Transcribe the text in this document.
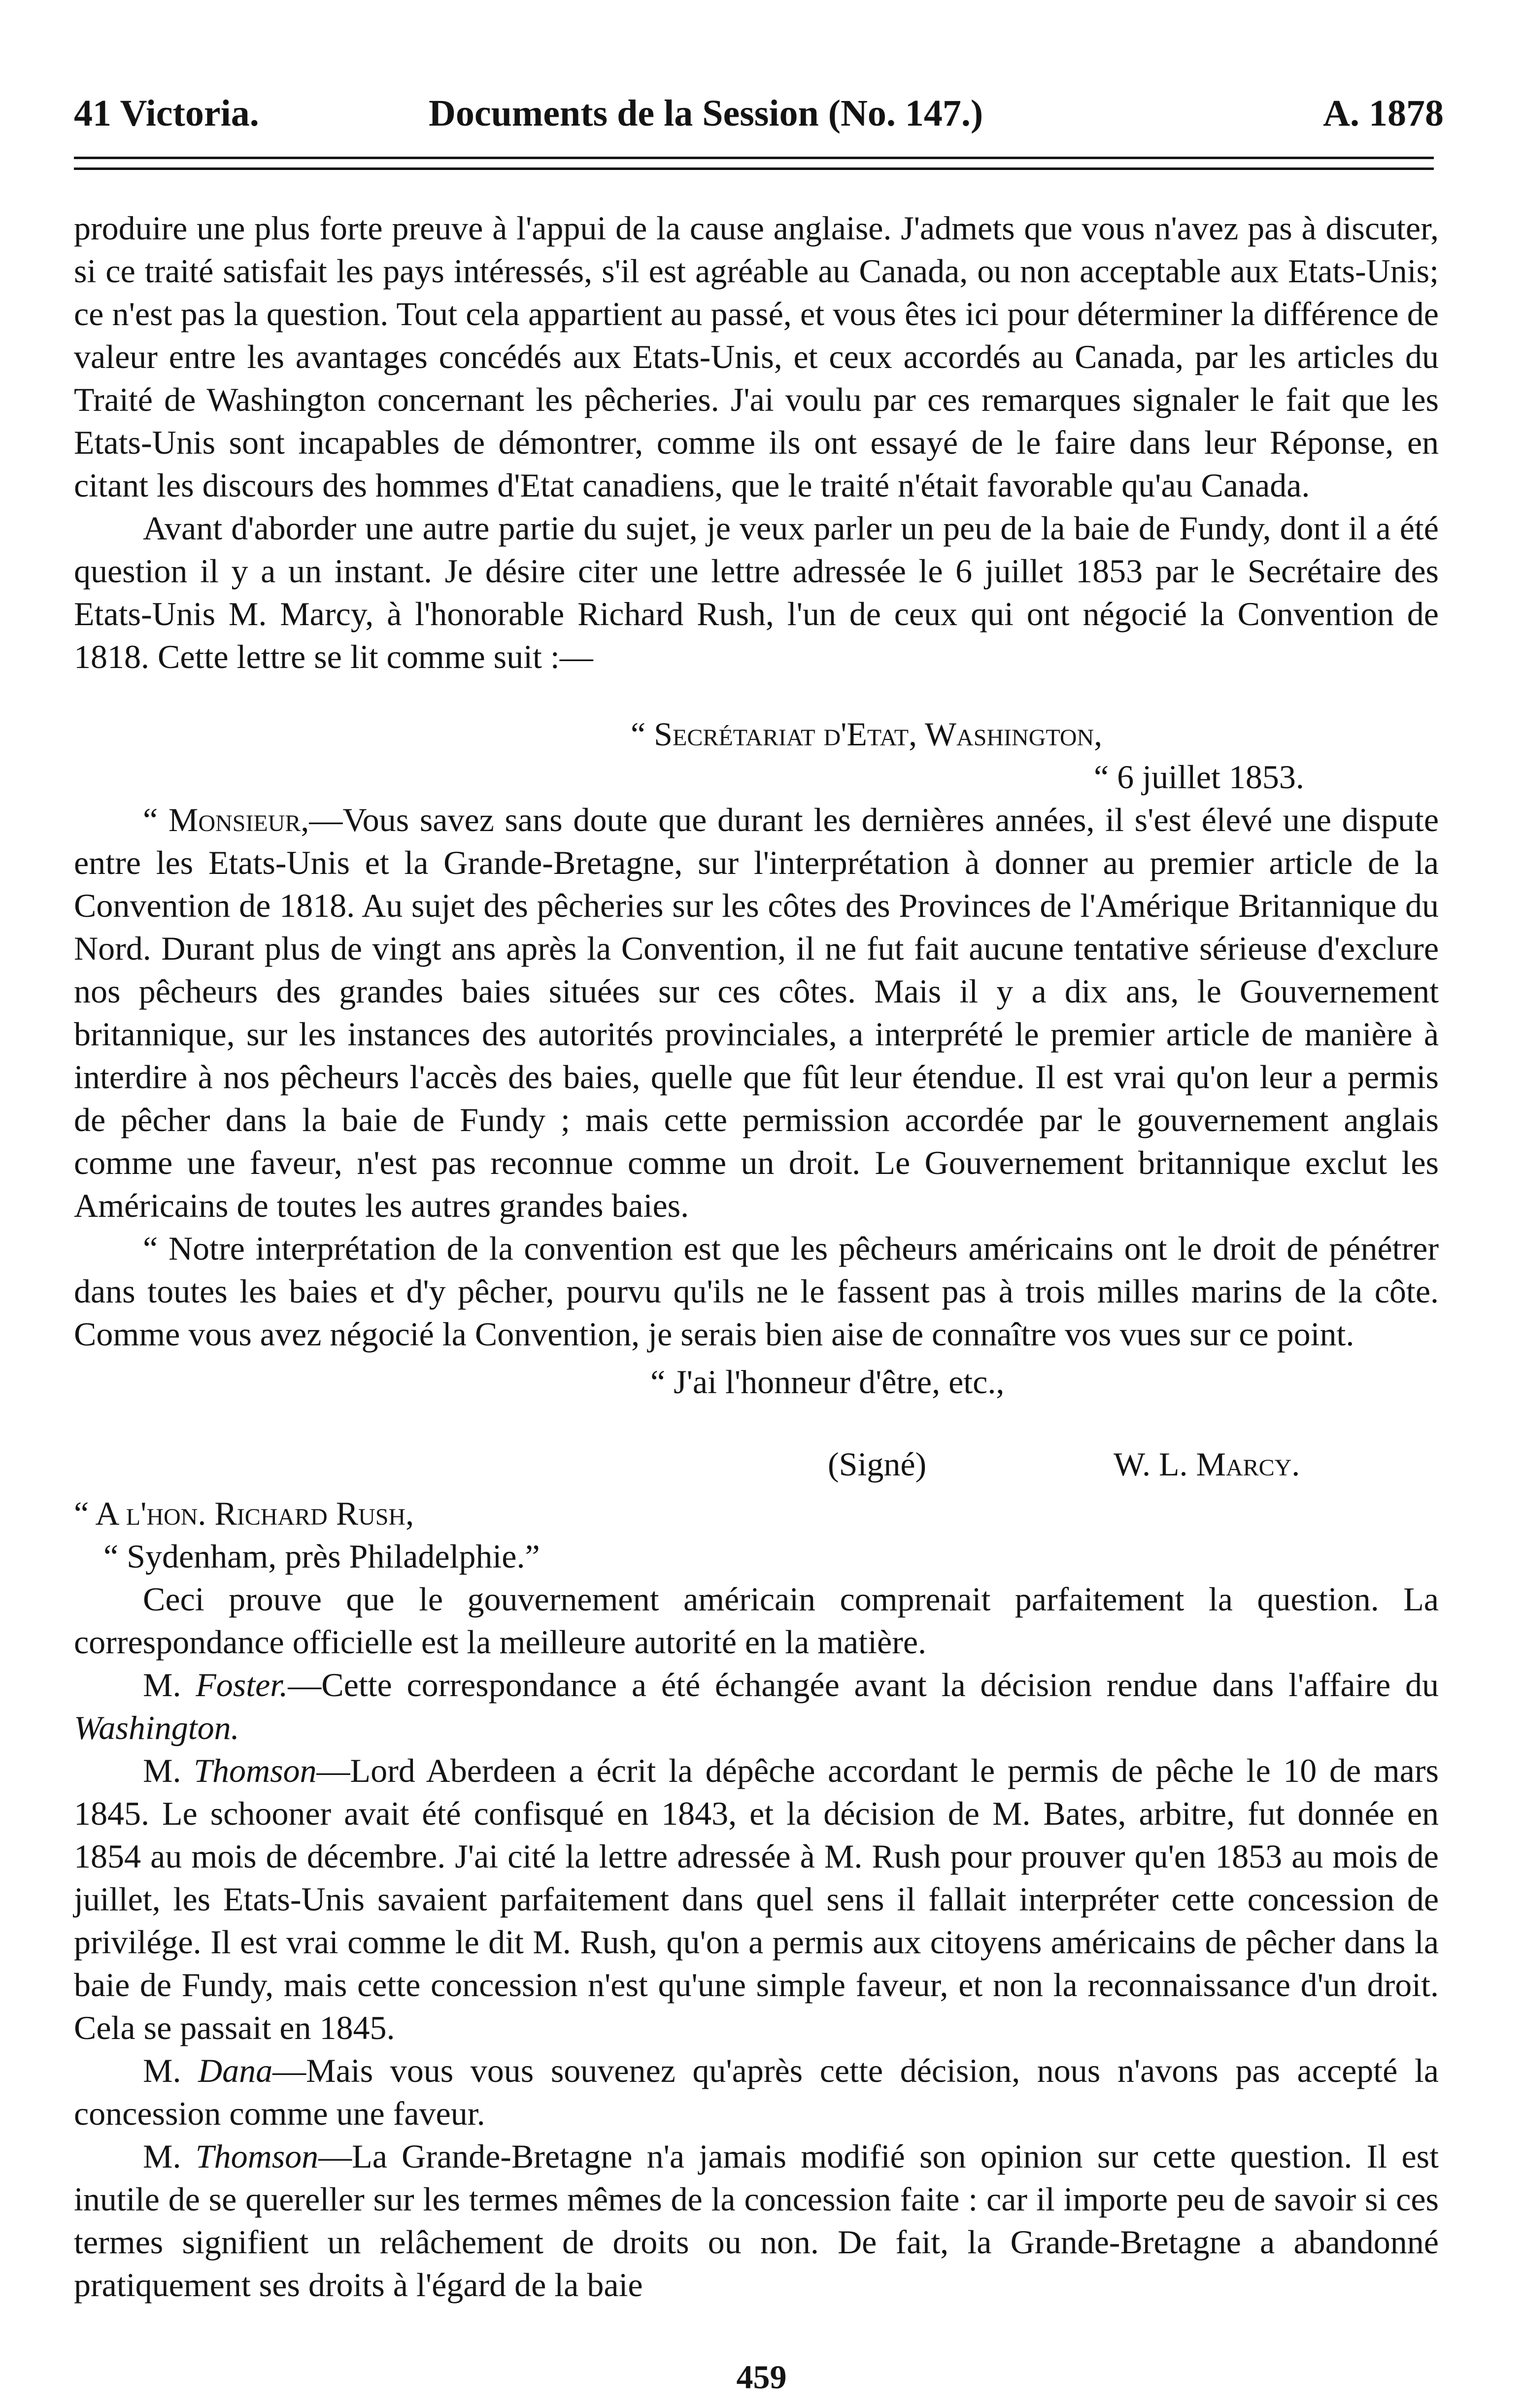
41 Victoria.	Documents de la Session (No. 147.)	A. 1878

produire une plus forte preuve à l'appui de la cause anglaise. J'admets que vous n'avez pas à discuter, si ce traité satisfait les pays intéressés, s'il est agréable au Canada, ou non acceptable aux Etats-Unis; ce n'est pas la question. Tout cela appartient au passé, et vous êtes ici pour déterminer la différence de valeur entre les avantages concédés aux Etats-Unis, et ceux accordés au Canada, par les articles du Traité de Washington concernant les pêcheries. J'ai voulu par ces remarques signaler le fait que les Etats-Unis sont incapables de démontrer, comme ils ont essayé de le faire dans leur Réponse, en citant les discours des hommes d'Etat canadiens, que le traité n'était favorable qu'au Canada.

Avant d'aborder une autre partie du sujet, je veux parler un peu de la baie de Fundy, dont il a été question il y a un instant. Je désire citer une lettre adressée le 6 juillet 1853 par le Secrétaire des Etats-Unis M. Marcy, à l'honorable Richard Rush, l'un de ceux qui ont négocié la Convention de 1818. Cette lettre se lit comme suit :—

“ Secrétariat d'Etat, Washington,
“ 6 juillet 1853.

“ Monsieur,—Vous savez sans doute que durant les dernières années, il s'est élevé une dispute entre les Etats-Unis et la Grande-Bretagne, sur l'interprétation à donner au premier article de la Convention de 1818. Au sujet des pêcheries sur les côtes des Provinces de l'Amérique Britannique du Nord. Durant plus de vingt ans après la Convention, il ne fut fait aucune tentative sérieuse d'exclure nos pêcheurs des grandes baies situées sur ces côtes. Mais il y a dix ans, le Gouvernement britannique, sur les instances des autorités provinciales, a interprété le premier article de manière à interdire à nos pêcheurs l'accès des baies, quelle que fût leur étendue. Il est vrai qu'on leur a permis de pêcher dans la baie de Fundy ; mais cette permission accordée par le gouvernement anglais comme une faveur, n'est pas reconnue comme un droit. Le Gouvernement britannique exclut les Américains de toutes les autres grandes baies.

“ Notre interprétation de la convention est que les pêcheurs américains ont le droit de pénétrer dans toutes les baies et d'y pêcher, pourvu qu'ils ne le fassent pas à trois milles marins de la côte. Comme vous avez négocié la Convention, je serais bien aise de connaître vos vues sur ce point.

“ J'ai l'honneur d'être, etc.,
(Signé)	W. L. Marcy.
“ A l'hon. Richard Rush,
“ Sydenham, près Philadelphie.”

Ceci prouve que le gouvernement américain comprenait parfaitement la question. La correspondance officielle est la meilleure autorité en la matière.

M. Foster.—Cette correspondance a été échangée avant la décision rendue dans l'affaire du Washington.

M. Thomson—Lord Aberdeen a écrit la dépêche accordant le permis de pêche le 10 de mars 1845. Le schooner avait été confisqué en 1843, et la décision de M. Bates, arbitre, fut donnée en 1854 au mois de décembre. J'ai cité la lettre adressée à M. Rush pour prouver qu'en 1853 au mois de juillet, les Etats-Unis savaient parfaitement dans quel sens il fallait interpréter cette concession de privilége. Il est vrai comme le dit M. Rush, qu'on a permis aux citoyens américains de pêcher dans la baie de Fundy, mais cette concession n'est qu'une simple faveur, et non la reconnaissance d'un droit. Cela se passait en 1845.

M. Dana—Mais vous vous souvenez qu'après cette décision, nous n'avons pas accepté la concession comme une faveur.

M. Thomson—La Grande-Bretagne n'a jamais modifié son opinion sur cette question. Il est inutile de se quereller sur les termes mêmes de la concession faite : car il importe peu de savoir si ces termes signifient un relâchement de droits ou non. De fait, la Grande-Bretagne a abandonné pratiquement ses droits à l'égard de la baie

459
